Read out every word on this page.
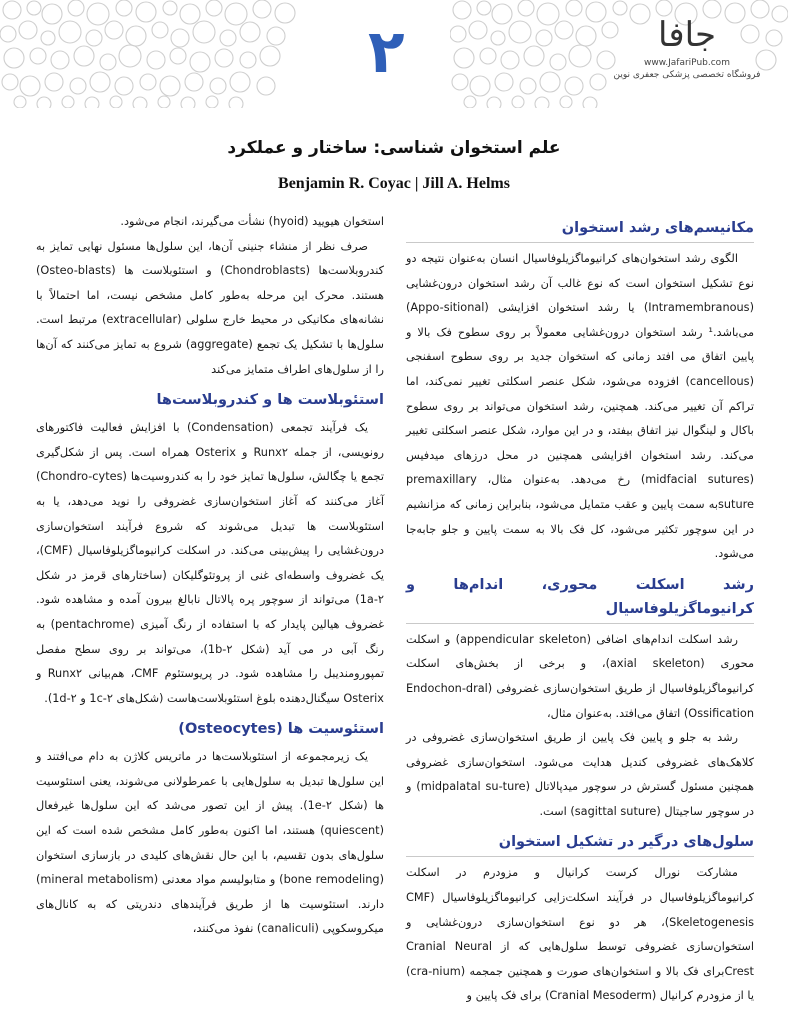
۲	جافا
www.JafariPub.com
فروشگاه تخصصی پزشکی جعفری نوین
علم استخوان شناسی: ساختار و عملکرد
Benjamin R. Coyac | Jill A. Helms
مکانیسم‌های رشد استخوان

الگوی رشد استخوان‌های کرانیوماگزیلوفاسیال انسان به‌عنوان نتیجه دو نوع تشکیل استخوان است که نوع غالب آن رشد استخوان درون‌غشایی (Intramembranous) یا رشد استخوان افزایشی (Appo-sitional) می‌باشد.¹ رشد استخوان درون‌غشایی معمولاً بر روی سطوح فک بالا و پایین اتفاق می افتد زمانی که استخوان جدید بر روی سطوح اسفنجی (cancellous) افزوده می‌شود، شکل عنصر اسکلتی تغییر نمی‌کند، اما تراکم آن تغییر می‌کند. همچنین، رشد استخوان می‌تواند بر روی سطوح باکال و لینگوال نیز اتفاق بیفتد، و در این موارد، شکل عنصر اسکلتی تغییر می‌کند. رشد استخوان افزایشی همچنین در محل درزهای میدفیس (midfacial sutures) رخ می‌دهد. به‌عنوان مثال، premaxillary sutureبه سمت پایین و عقب متمایل می‌شود، بنابراین زمانی که مزانشیم در این سوچور تکثیر می‌شود، کل فک بالا به سمت پایین و جلو جابه‌جا می‌شود.

رشد اسکلت محوری، اندام‌ها و کرانیوماگزیلوفاسیال

رشد اسکلت اندام‌های اضافی (appendicular skeleton) و اسکلت محوری (axial skeleton)، و برخی از بخش‌های اسکلت کرانیوماگزیلوفاسیال از طریق استخوان‌سازی غضروفی (Endochon-dral Ossification) اتفاق می‌افتد. به‌عنوان مثال،

رشد به جلو و پایین فک پایین از طریق استخوان‌سازی غضروفی در کلاهک‌های غضروفی کندیل هدایت می‌شود. استخوان‌سازی غضروفی همچنین مسئول گسترش در سوچور میدپالاتال (midpalatal su-ture) و در سوچور ساجیتال (sagittal suture) است.

سلول‌های درگیر در تشکیل استخوان

مشارکت نورال کرست کرانیال و مزودرم در اسکلت کرانیوماگزیلوفاسیال در فرآیند اسکلت‌زایی کرانیوماگزیلوفاسیال (CMF Skeletogenesis)، هر دو نوع استخوان‌سازی درون‌غشایی و استخوان‌سازی غضروفی توسط سلول‌هایی که از Cranial Neural Crestبرای فک بالا و استخوان‌های صورت و همچنین جمجمه (cra-nium) یا از مزودرم کرانیال (Cranial Mesoderm) برای فک پایین و

استخوان هیویید (hyoid) نشأت می‌گیرند، انجام می‌شود.

صرف نظر از منشاء جنینی آن‌ها، این سلول‌ها مسئول نهایی تمایز به کندروبلاست‌ها (Chondroblasts) و استئوبلاست ها (Osteo-blasts) هستند. محرک این مرحله به‌طور کامل مشخص نیست، اما احتمالاً با نشانه‌های مکانیکی در محیط خارج سلولی (extracellular) مرتبط است. سلول‌ها با تشکیل یک تجمع (aggregate) شروع به تمایز می‌کنند که آن‌ها را از سلول‌های اطراف متمایز می‌کند

استئوبلاست ها و کندروبلاست‌ها

یک فرآیند تجمعی (Condensation) با افزایش فعالیت فاکتورهای رونویسی، از جمله Runx۲ و Osterix همراه است. پس از شکل‌گیری تجمع یا چگالش، سلول‌ها تمایز خود را به کندروسیت‌ها (Chondro-cytes) آغاز می‌کنند که آغاز استخوان‌سازی غضروفی را نوید می‌دهد، یا به استئوبلاست ها تبدیل می‌شوند که شروع فرآیند استخوان‌سازی درون‌غشایی را پیش‌بینی می‌کند. در اسکلت کرانیوماگزیلوفاسیال (CMF)، یک غضروف واسطه‌ای غنی از پروتئوگلیکان (ساختارهای قرمز در شکل ۲-1a) می‌تواند از سوچور پره پالاتال نابالغ بیرون آمده و مشاهده شود. غضروف هیالین پایدار که با استفاده از رنگ آمیزی (pentachrome) به رنگ آبی در می آید (شکل ۲-1b)، می‌تواند بر روی سطح مفصل تمپورومندیبل را مشاهده شود. در پریوستئوم CMF، هم‌بیانی Runx۲ و Osterix سیگنال‌دهنده بلوغ استئوبلاست‌هاست (شکل‌های ۲-1c و ۲-1d).

استئوسیت ها (Osteocytes)

یک زیرمجموعه از استئوبلاست‌ها در ماتریس کلاژن به دام می‌افتند و این سلول‌ها تبدیل به سلول‌هایی با عمرطولانی می‌شوند، یعنی استئوسیت ها (شکل ۲-1e). پیش از این تصور می‌شد که این سلول‌ها غیرفعال (quiescent) هستند، اما اکنون به‌طور کامل مشخص شده است که این سلول‌های بدون تقسیم، با این حال نقش‌های کلیدی در بازسازی استخوان (bone remodeling) و متابولیسم مواد معدنی (mineral metabolism) دارند. استئوسیت ها از طریق فرآیندهای دندریتی که به کانال‌های میکروسکوپی (canaliculi) نفوذ می‌کنند،
